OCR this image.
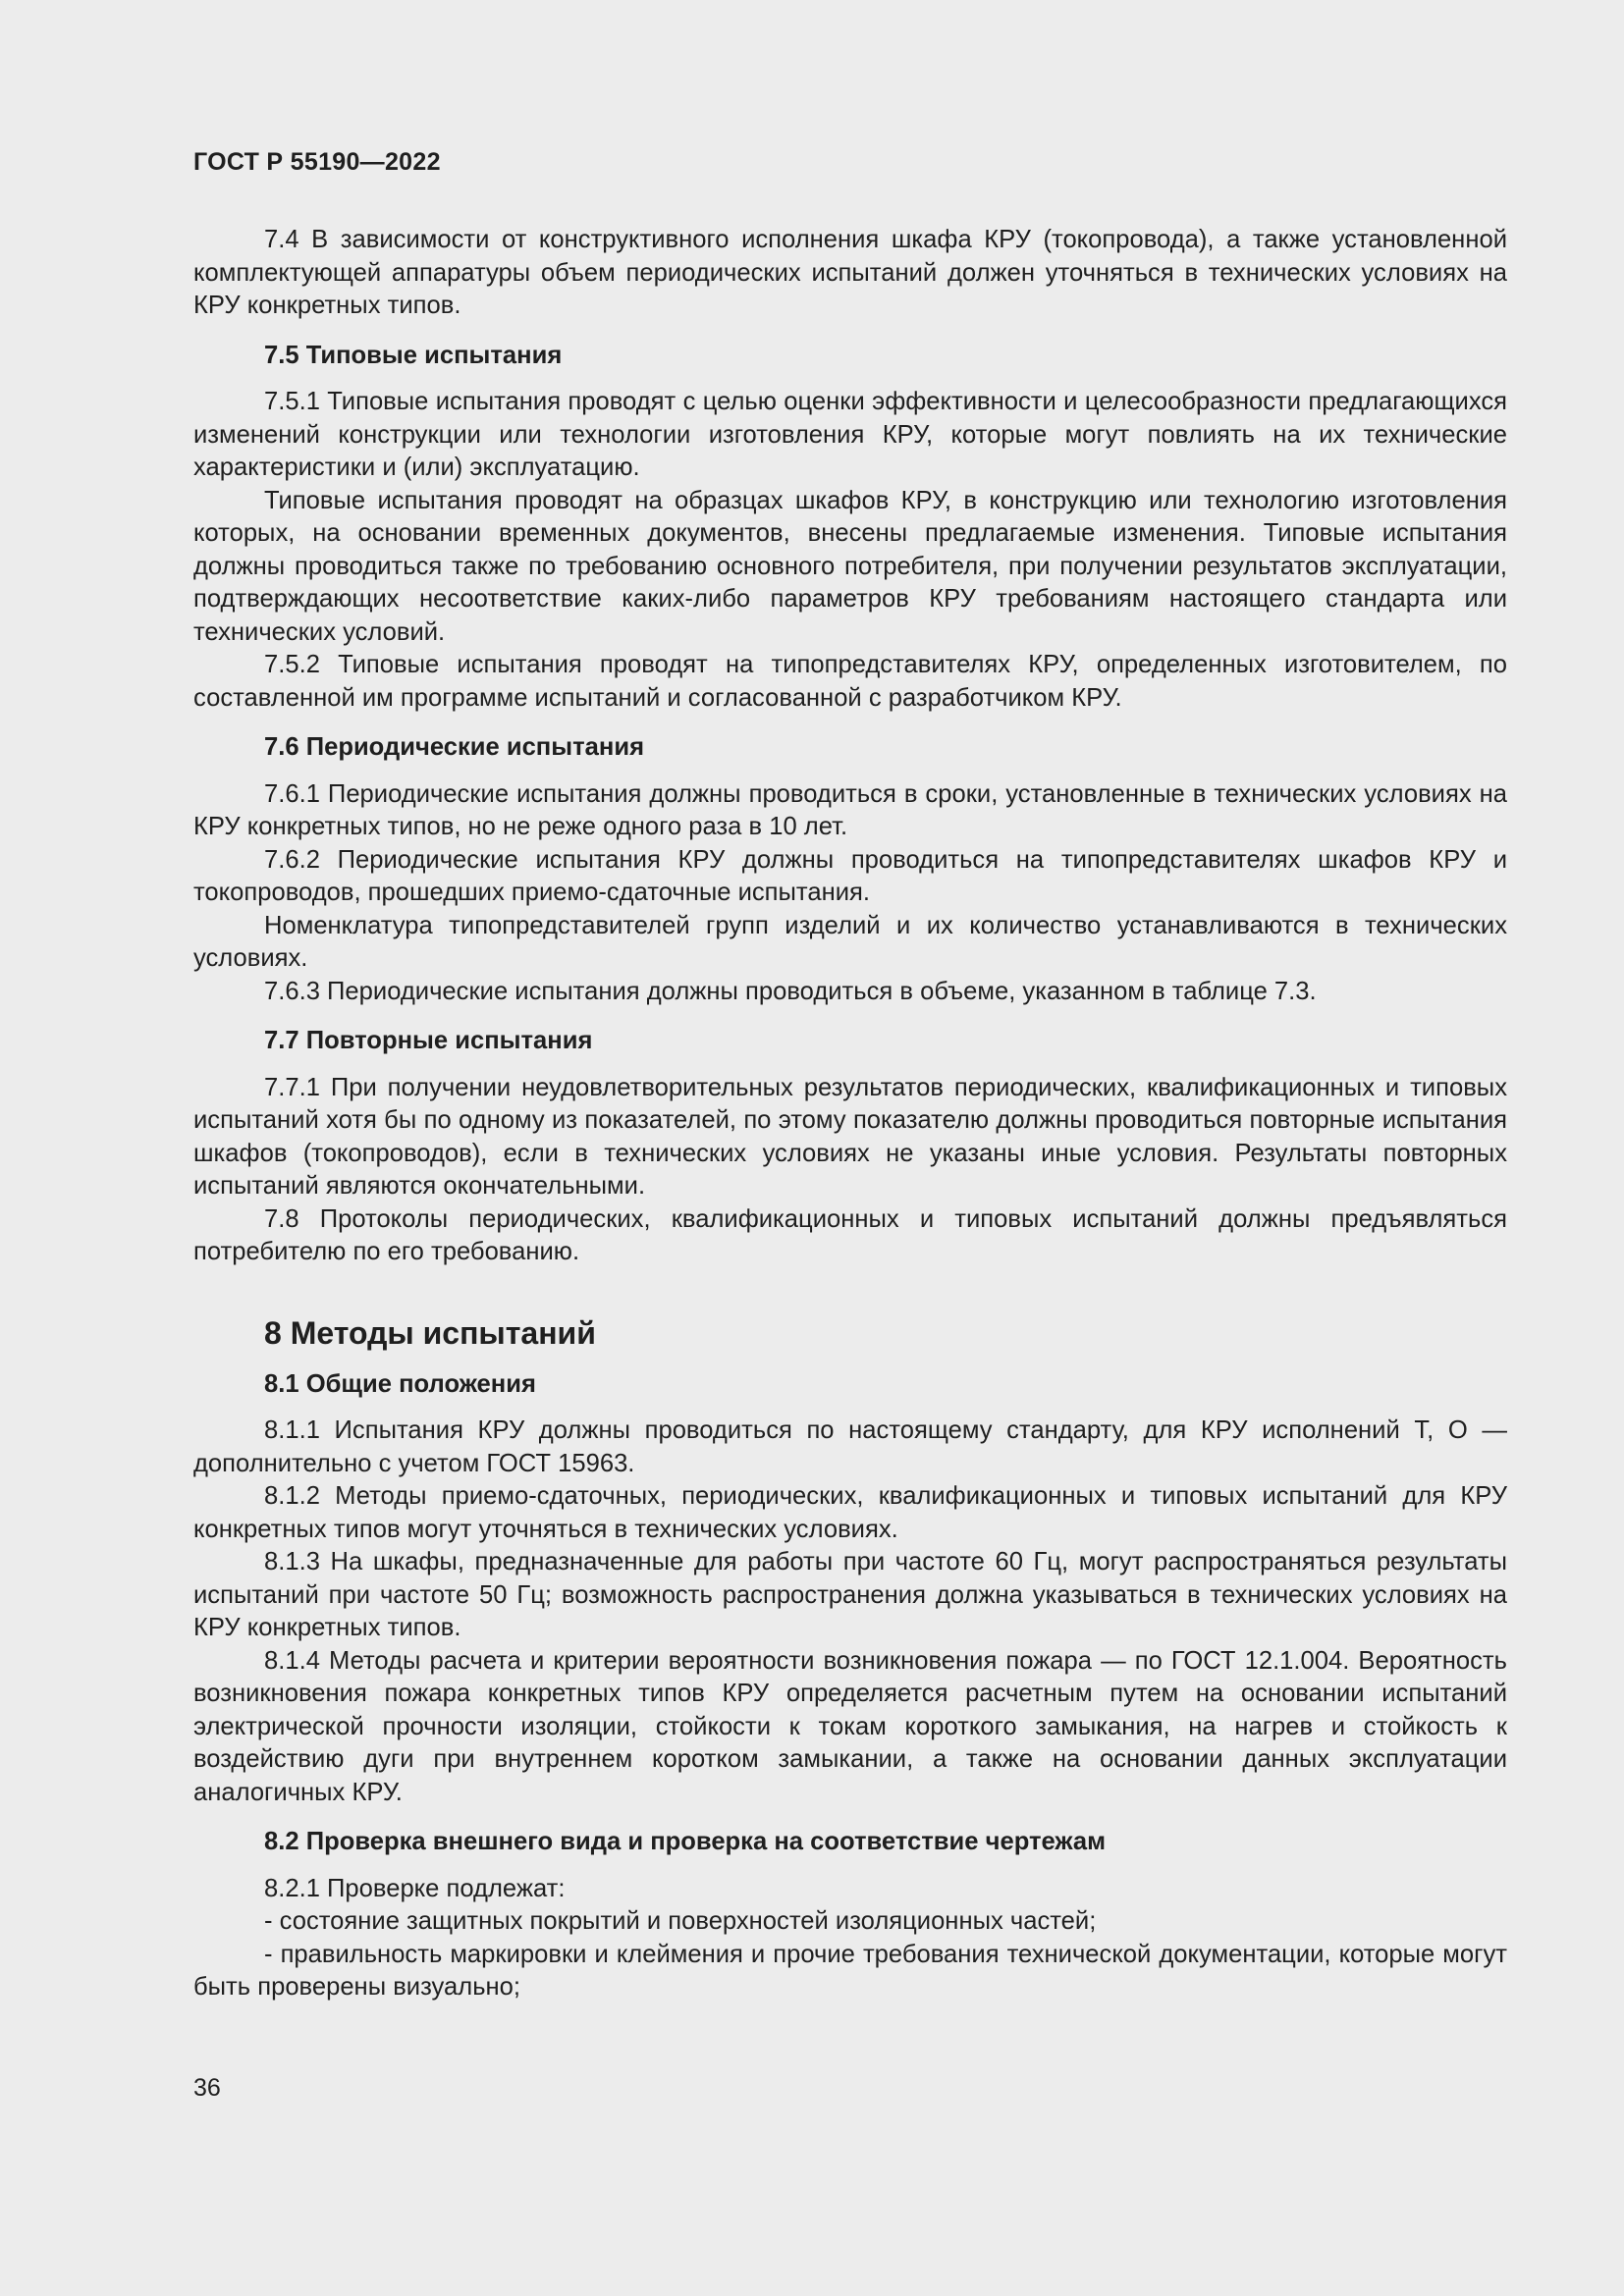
ГОСТ Р 55190—2022

7.4 В зависимости от конструктивного исполнения шкафа КРУ (токопровода), а также установленной комплектующей аппаратуры объем периодических испытаний должен уточняться в технических условиях на КРУ конкретных типов.

7.5 Типовые испытания

7.5.1 Типовые испытания проводят с целью оценки эффективности и целесообразности предлагающихся изменений конструкции или технологии изготовления КРУ, которые могут повлиять на их технические характеристики и (или) эксплуатацию.

Типовые испытания проводят на образцах шкафов КРУ, в конструкцию или технологию изготовления которых, на основании временных документов, внесены предлагаемые изменения. Типовые испытания должны проводиться также по требованию основного потребителя, при получении результатов эксплуатации, подтверждающих несоответствие каких-либо параметров КРУ требованиям настоящего стандарта или технических условий.

7.5.2 Типовые испытания проводят на типопредставителях КРУ, определенных изготовителем, по составленной им программе испытаний и согласованной с разработчиком КРУ.

7.6 Периодические испытания

7.6.1 Периодические испытания должны проводиться в сроки, установленные в технических условиях на КРУ конкретных типов, но не реже одного раза в 10 лет.

7.6.2 Периодические испытания КРУ должны проводиться на типопредставителях шкафов КРУ и токопроводов, прошедших приемо-сдаточные испытания.

Номенклатура типопредставителей групп изделий и их количество устанавливаются в технических условиях.

7.6.3 Периодические испытания должны проводиться в объеме, указанном в таблице 7.3.

7.7 Повторные испытания

7.7.1 При получении неудовлетворительных результатов периодических, квалификационных и типовых испытаний хотя бы по одному из показателей, по этому показателю должны проводиться повторные испытания шкафов (токопроводов), если в технических условиях не указаны иные условия. Результаты повторных испытаний являются окончательными.

7.8 Протоколы периодических, квалификационных и типовых испытаний должны предъявляться потребителю по его требованию.

8 Методы испытаний
8.1 Общие положения

8.1.1 Испытания КРУ должны проводиться по настоящему стандарту, для КРУ исполнений Т, О — дополнительно с учетом ГОСТ 15963.

8.1.2 Методы приемо-сдаточных, периодических, квалификационных и типовых испытаний для КРУ конкретных типов могут уточняться в технических условиях.

8.1.3 На шкафы, предназначенные для работы при частоте 60 Гц, могут распространяться результаты испытаний при частоте 50 Гц; возможность распространения должна указываться в технических условиях на КРУ конкретных типов.

8.1.4 Методы расчета и критерии вероятности возникновения пожара — по ГОСТ 12.1.004. Вероятность возникновения пожара конкретных типов КРУ определяется расчетным путем на основании испытаний электрической прочности изоляции, стойкости к токам короткого замыкания, на нагрев и стойкость к воздействию дуги при внутреннем коротком замыкании, а также на основании данных эксплуатации аналогичных КРУ.

8.2 Проверка внешнего вида и проверка на соответствие чертежам

8.2.1 Проверке подлежат:

- состояние защитных покрытий и поверхностей изоляционных частей;

- правильность маркировки и клеймения и прочие требования технической документации, которые могут быть проверены визуально;

36
